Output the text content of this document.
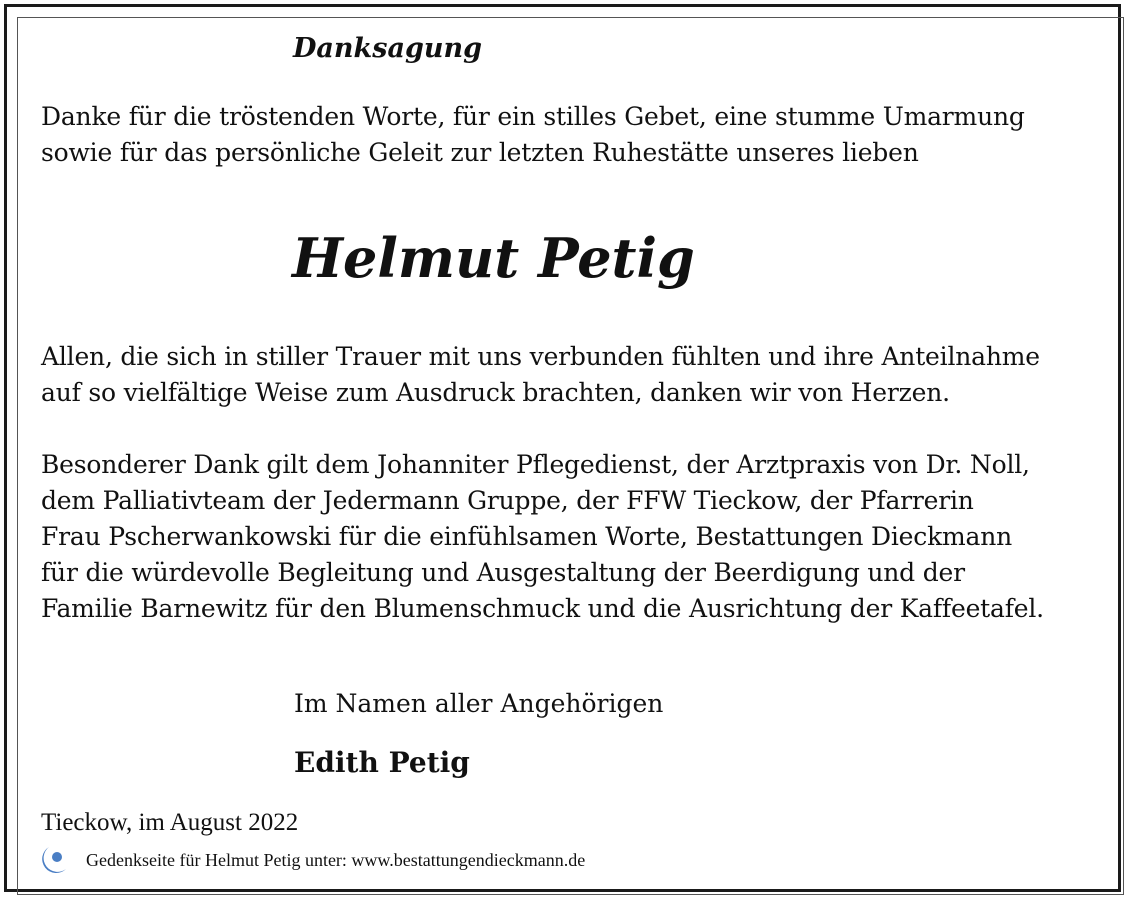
Danksagung
Danke für die tröstenden Worte, für ein stilles Gebet, eine stumme Umarmung
sowie für das persönliche Geleit zur letzten Ruhestätte unseres lieben
Helmut Petig
Allen, die sich in stiller Trauer mit uns verbunden fühlten und ihre Anteilnahme
auf so vielfältige Weise zum Ausdruck brachten, danken wir von Herzen.
Besonderer Dank gilt dem Johanniter Pflegedienst, der Arztpraxis von Dr. Noll,
dem Palliativteam der Jedermann Gruppe, der FFW Tieckow, der Pfarrerin
Frau Pscherwankowski für die einfühlsamen Worte, Bestattungen Dieckmann
für die würdevolle Begleitung und Ausgestaltung der Beerdigung und der
Familie Barnewitz für den Blumenschmuck und die Ausrichtung der Kaffeetafel.
Im Namen aller Angehörigen
Edith Petig
Tieckow, im August 2022
Gedenkseite für Helmut Petig unter: www.bestattungendieckmann.de
